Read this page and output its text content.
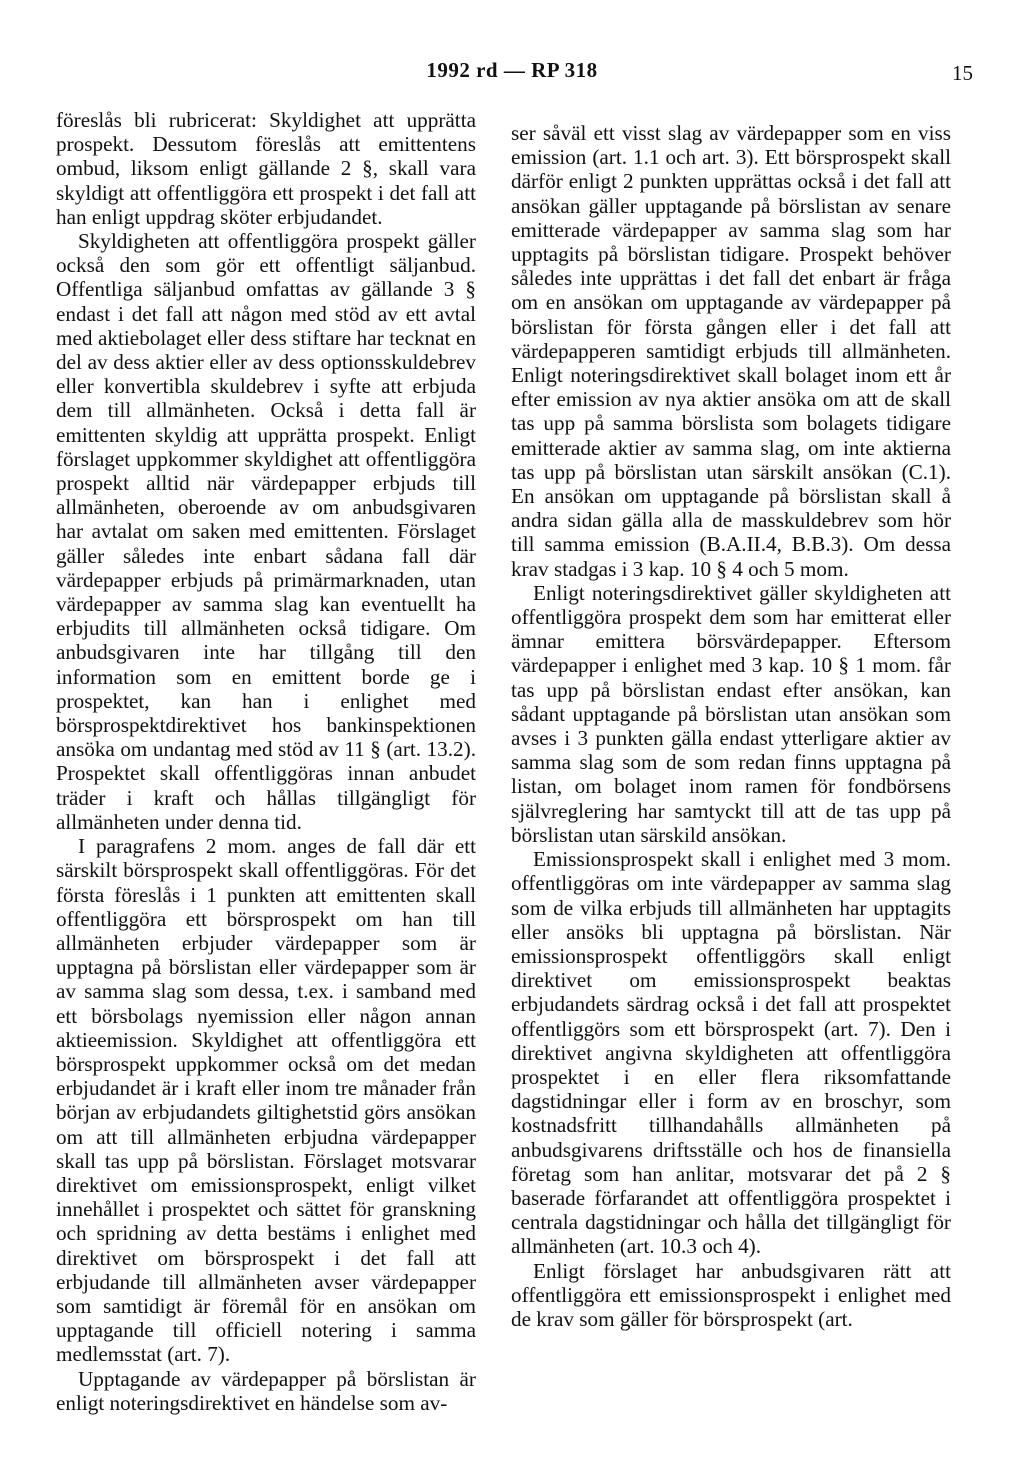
1992 rd — RP 318	15

föreslås bli rubricerat: Skyldighet att upprätta prospekt. Dessutom föreslås att emittentens ombud, liksom enligt gällande 2 §, skall vara skyldigt att offentliggöra ett prospekt i det fall att han enligt uppdrag sköter erbjudandet.

Skyldigheten att offentliggöra prospekt gäller också den som gör ett offentligt säljanbud. Offentliga säljanbud omfattas av gällande 3 § endast i det fall att någon med stöd av ett avtal med aktiebolaget eller dess stiftare har tecknat en del av dess aktier eller av dess optionsskuldebrev eller konvertibla skuldebrev i syfte att erbjuda dem till allmänheten. Också i detta fall är emittenten skyldig att upprätta prospekt. Enligt förslaget uppkommer skyldighet att offentliggöra prospekt alltid när värdepapper erbjuds till allmänheten, oberoende av om anbudsgivaren har avtalat om saken med emittenten. Förslaget gäller således inte enbart sådana fall där värdepapper erbjuds på primärmarknaden, utan värdepapper av samma slag kan eventuellt ha erbjudits till allmänheten också tidigare. Om anbudsgivaren inte har tillgång till den information som en emittent borde ge i prospektet, kan han i enlighet med börsprospektdirektivet hos bankinspektionen ansöka om undantag med stöd av 11 § (art. 13.2). Prospektet skall offentliggöras innan anbudet träder i kraft och hållas tillgängligt för allmänheten under denna tid.

I paragrafens 2 mom. anges de fall där ett särskilt börsprospekt skall offentliggöras. För det första föreslås i 1 punkten att emittenten skall offentliggöra ett börsprospekt om han till allmänheten erbjuder värdepapper som är upptagna på börslistan eller värdepapper som är av samma slag som dessa, t.ex. i samband med ett börsbolags nyemission eller någon annan aktieemission. Skyldighet att offentliggöra ett börsprospekt uppkommer också om det medan erbjudandet är i kraft eller inom tre månader från början av erbjudandets giltighetstid görs ansökan om att till allmänheten erbjudna värdepapper skall tas upp på börslistan. Förslaget motsvarar direktivet om emissionsprospekt, enligt vilket innehållet i prospektet och sättet för granskning och spridning av detta bestäms i enlighet med direktivet om börsprospekt i det fall att erbjudande till allmänheten avser värdepapper som samtidigt är föremål för en ansökan om upptagande till officiell notering i samma medlemsstat (art. 7).

Upptagande av värdepapper på börslistan är enligt noteringsdirektivet en händelse som av-

ser såväl ett visst slag av värdepapper som en viss emission (art. 1.1 och art. 3). Ett börsprospekt skall därför enligt 2 punkten upprättas också i det fall att ansökan gäller upptagande på börslistan av senare emitterade värdepapper av samma slag som har upptagits på börslistan tidigare. Prospekt behöver således inte upprättas i det fall det enbart är fråga om en ansökan om upptagande av värdepapper på börslistan för första gången eller i det fall att värdepapperen samtidigt erbjuds till allmänheten. Enligt noteringsdirektivet skall bolaget inom ett år efter emission av nya aktier ansöka om att de skall tas upp på samma börslista som bolagets tidigare emitterade aktier av samma slag, om inte aktierna tas upp på börslistan utan särskilt ansökan (C.1). En ansökan om upptagande på börslistan skall å andra sidan gälla alla de masskuldebrev som hör till samma emission (B.A.II.4, B.B.3). Om dessa krav stadgas i 3 kap. 10 § 4 och 5 mom.

Enligt noteringsdirektivet gäller skyldigheten att offentliggöra prospekt dem som har emitterat eller ämnar emittera börsvärdepapper. Eftersom värdepapper i enlighet med 3 kap. 10 § 1 mom. får tas upp på börslistan endast efter ansökan, kan sådant upptagande på börslistan utan ansökan som avses i 3 punkten gälla endast ytterligare aktier av samma slag som de som redan finns upptagna på listan, om bolaget inom ramen för fondbörsens självreglering har samtyckt till att de tas upp på börslistan utan särskild ansökan.

Emissionsprospekt skall i enlighet med 3 mom. offentliggöras om inte värdepapper av samma slag som de vilka erbjuds till allmänheten har upptagits eller ansöks bli upptagna på börslistan. När emissionsprospekt offentliggörs skall enligt direktivet om emissionsprospekt beaktas erbjudandets särdrag också i det fall att prospektet offentliggörs som ett börsprospekt (art. 7). Den i direktivet angivna skyldigheten att offentliggöra prospektet i en eller flera riksomfattande dagstidningar eller i form av en broschyr, som kostnadsfritt tillhandahålls allmänheten på anbudsgivarens driftsställe och hos de finansiella företag som han anlitar, motsvarar det på 2 § baserade förfarandet att offentliggöra prospektet i centrala dagstidningar och hålla det tillgängligt för allmänheten (art. 10.3 och 4).

Enligt förslaget har anbudsgivaren rätt att offentliggöra ett emissionsprospekt i enlighet med de krav som gäller för börsprospekt (art.
